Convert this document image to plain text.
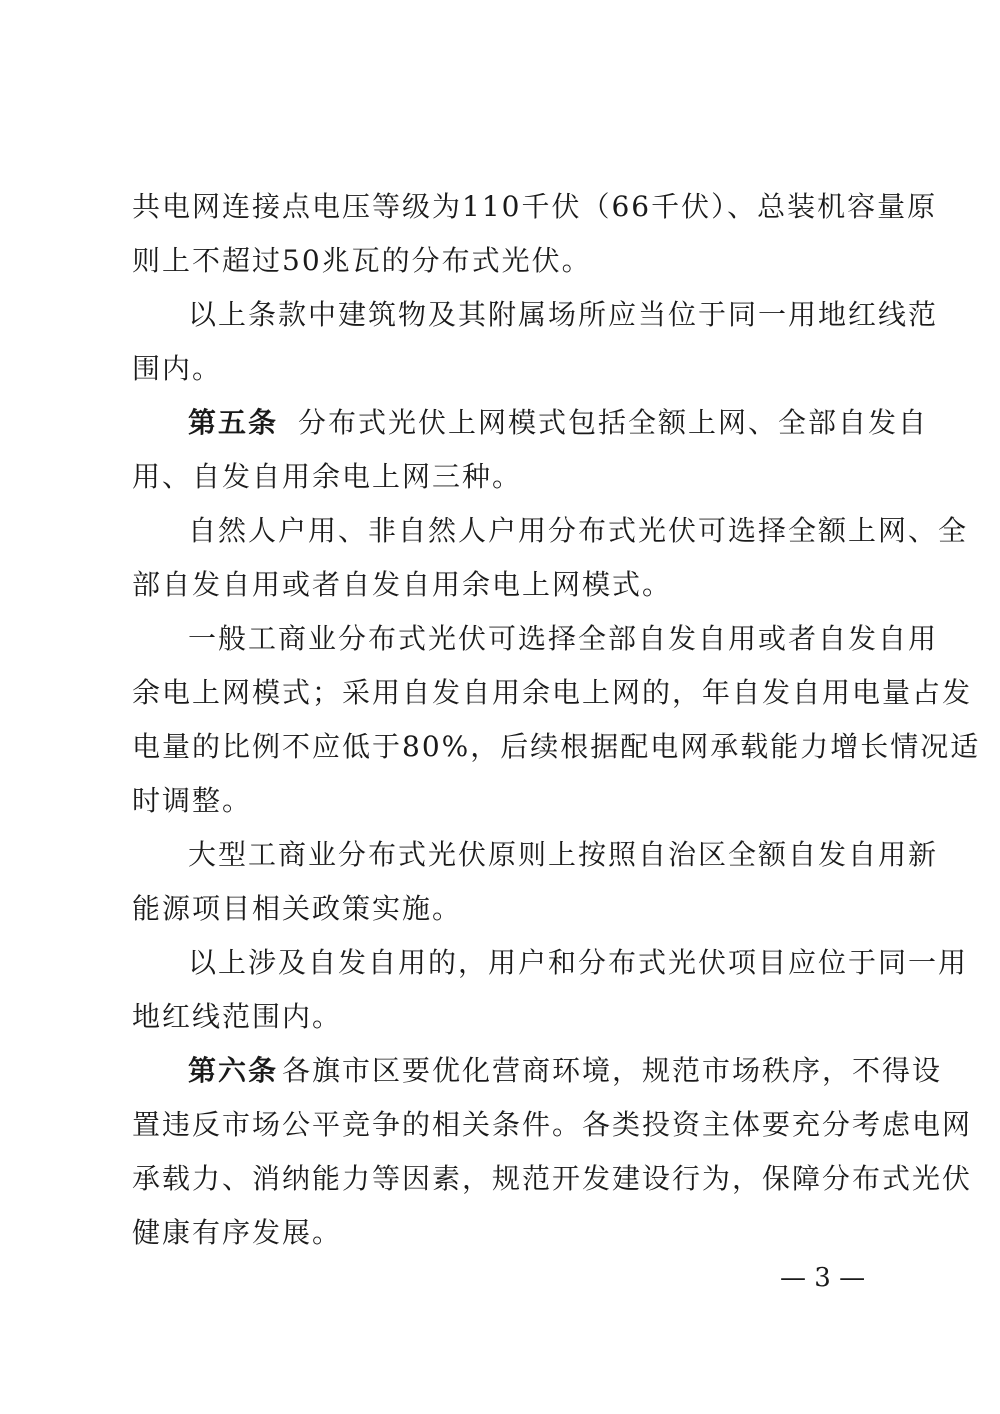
共电网连接点电压等级为110千伏（66千伏）、总装机容量原
则上不超过50兆瓦的分布式光伏。
以上条款中建筑物及其附属场所应当位于同一用地红线范
围内。
第五条 分布式光伏上网模式包括全额上网、全部自发自
用、自发自用余电上网三种。
自然人户用、非自然人户用分布式光伏可选择全额上网、全
部自发自用或者自发自用余电上网模式。
一般工商业分布式光伏可选择全部自发自用或者自发自用
余电上网模式；采用自发自用余电上网的，年自发自用电量占发
电量的比例不应低于80%，后续根据配电网承载能力增长情况适
时调整。
大型工商业分布式光伏原则上按照自治区全额自发自用新
能源项目相关政策实施。
以上涉及自发自用的，用户和分布式光伏项目应位于同一用
地红线范围内。
第六条 各旗市区要优化营商环境，规范市场秩序，不得设
置违反市场公平竞争的相关条件。各类投资主体要充分考虑电网
承载力、消纳能力等因素，规范开发建设行为，保障分布式光伏
健康有序发展。
— 3 —
